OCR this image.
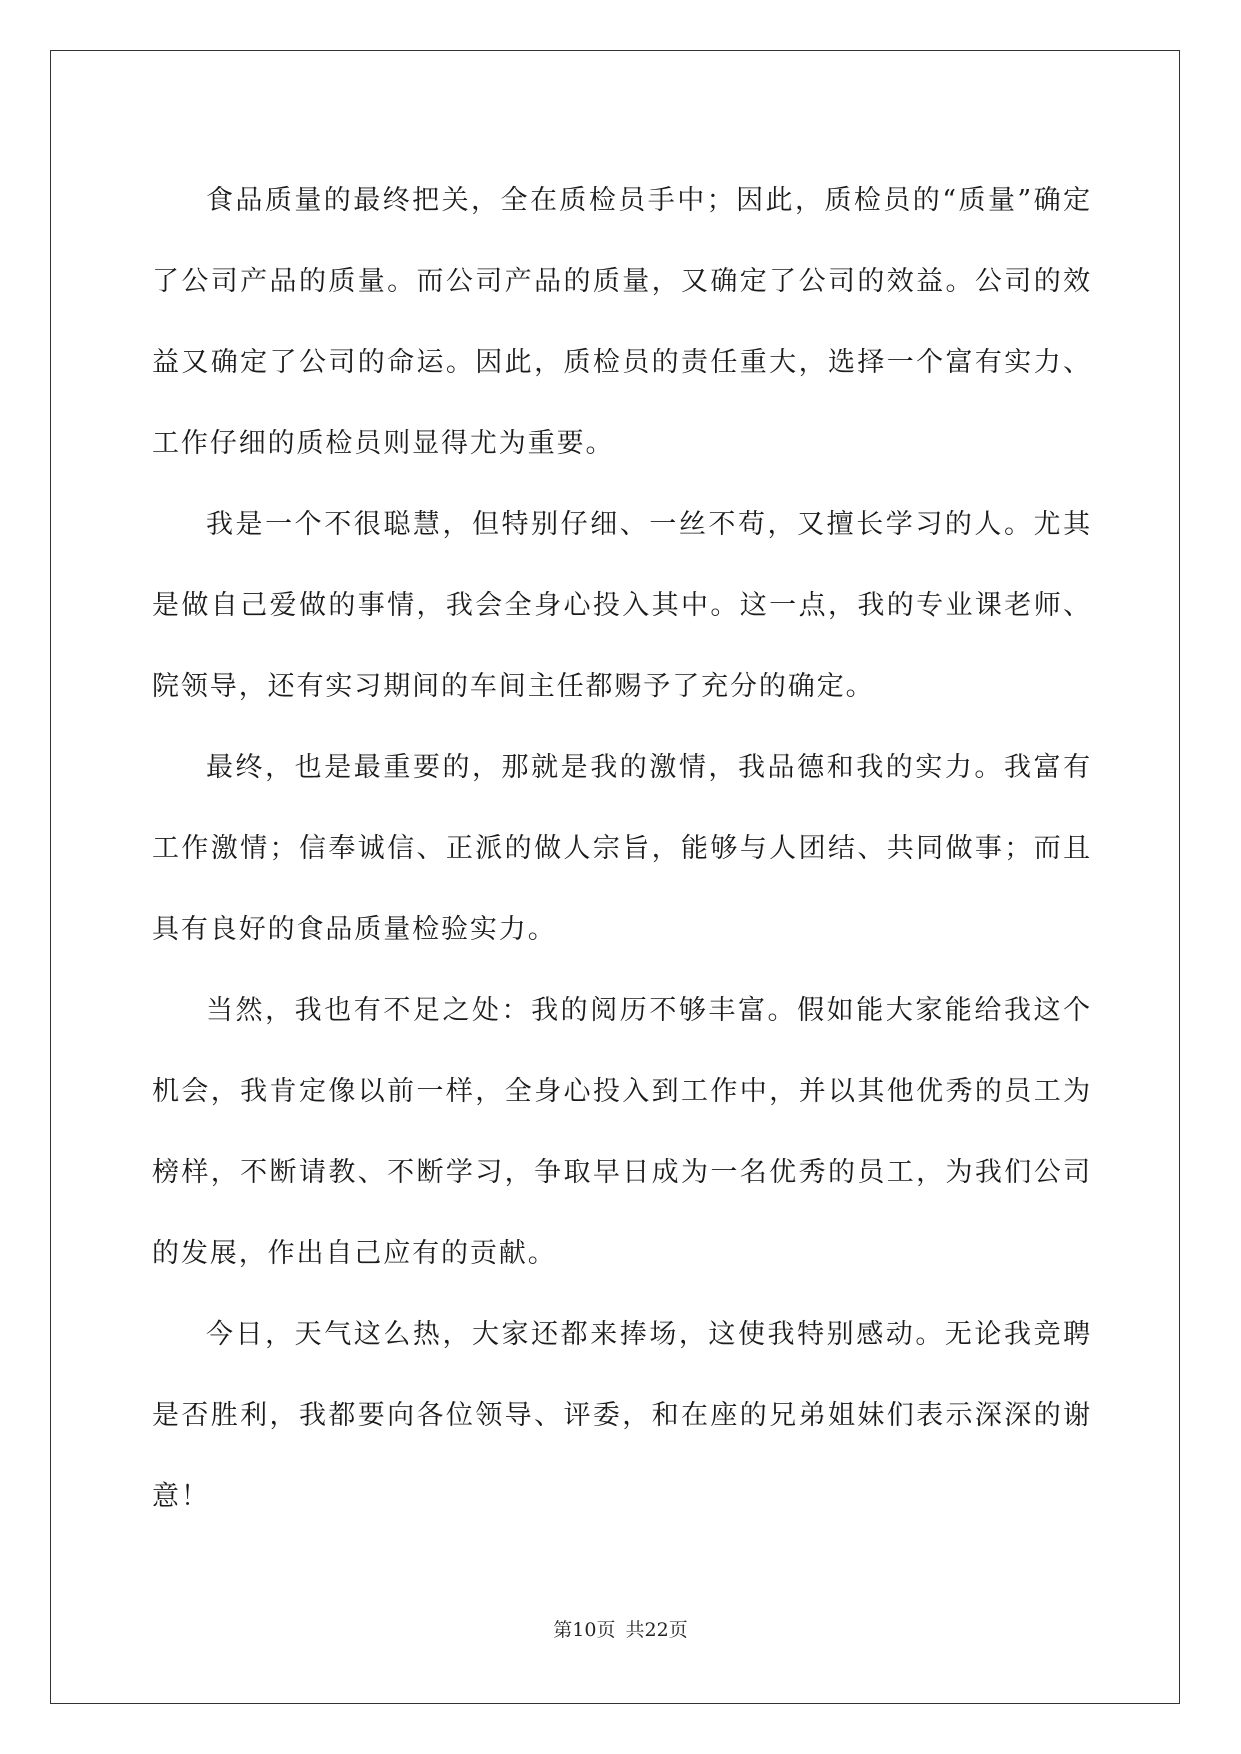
食品质量的最终把关，全在质检员手中；因此，质检员的“质量”确定了公司产品的质量。而公司产品的质量，又确定了公司的效益。公司的效益又确定了公司的命运。因此，质检员的责任重大，选择一个富有实力、工作仔细的质检员则显得尤为重要。

我是一个不很聪慧，但特别仔细、一丝不苟，又擅长学习的人。尤其是做自己爱做的事情，我会全身心投入其中。这一点，我的专业课老师、院领导，还有实习期间的车间主任都赐予了充分的确定。

最终，也是最重要的，那就是我的激情，我品德和我的实力。我富有工作激情；信奉诚信、正派的做人宗旨，能够与人团结、共同做事；而且具有良好的食品质量检验实力。

当然，我也有不足之处：我的阅历不够丰富。假如能大家能给我这个机会，我肯定像以前一样，全身心投入到工作中，并以其他优秀的员工为榜样，不断请教、不断学习，争取早日成为一名优秀的员工，为我们公司的发展，作出自己应有的贡献。

今日，天气这么热，大家还都来捧场，这使我特别感动。无论我竞聘是否胜利，我都要向各位领导、评委，和在座的兄弟姐妹们表示深深的谢意！

第10页 共22页
